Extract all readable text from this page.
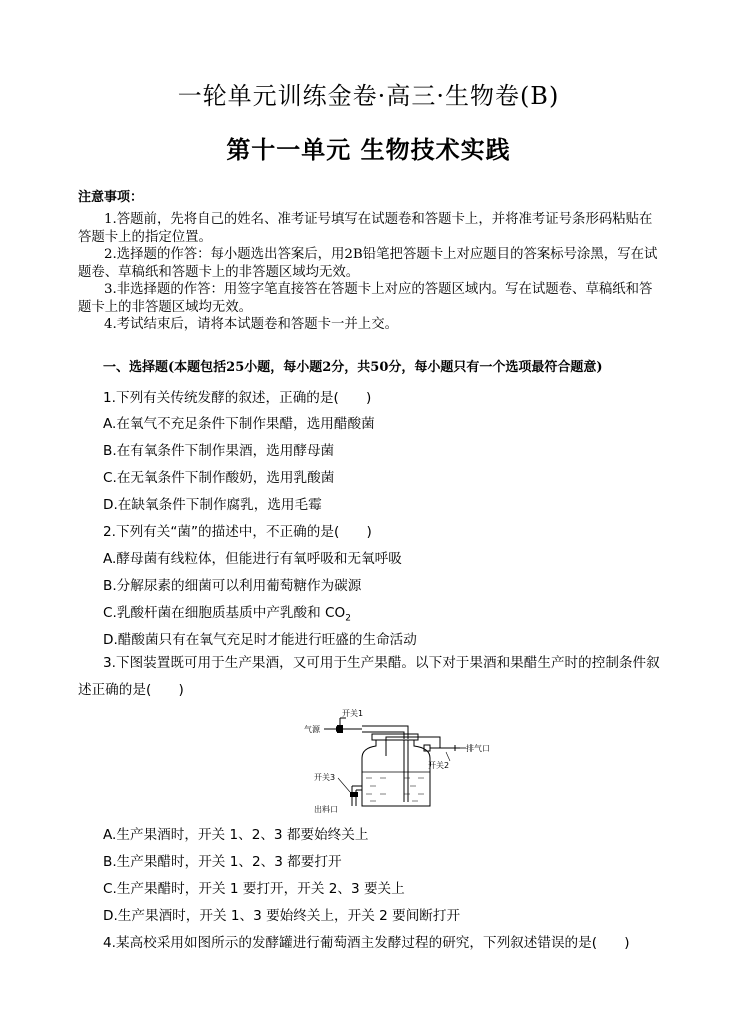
一轮单元训练金卷·高三·生物卷(B)
第十一单元 生物技术实践
注意事项：

1.答题前，先将自己的姓名、准考证号填写在试题卷和答题卡上，并将准考证号条形码粘贴在答题卡上的指定位置。

2.选择题的作答：每小题选出答案后，用2B铅笔把答题卡上对应题目的答案标号涂黑，写在试题卷、草稿纸和答题卡上的非答题区域均无效。

3.非选择题的作答：用签字笔直接答在答题卡上对应的答题区域内。写在试题卷、草稿纸和答题卡上的非答题区域均无效。

4.考试结束后，请将本试题卷和答题卡一并上交。

一、选择题(本题包括25小题，每小题2分，共50分，每小题只有一个选项最符合题意)
1.下列有关传统发酵的叙述，正确的是(　　)
A.在氧气不充足条件下制作果醋，选用醋酸菌
B.在有氧条件下制作果酒，选用酵母菌
C.在无氧条件下制作酸奶，选用乳酸菌
D.在缺氧条件下制作腐乳，选用毛霉
2.下列有关“菌”的描述中，不正确的是(　　)
A.酵母菌有线粒体，但能进行有氧呼吸和无氧呼吸
B.分解尿素的细菌可以利用葡萄糖作为碳源
C.乳酸杆菌在细胞质基质中产乳酸和 $CO_2$
D.醋酸菌只有在氧气充足时才能进行旺盛的生命活动
3.下图装置既可用于生产果酒，又可用于生产果醋。以下对于果酒和果醋生产时的控制条件叙述正确的是(　　)
开关1
气源
排气口
开关2
开关3
出料口
A.生产果酒时，开关 1、2、3 都要始终关上
B.生产果醋时，开关 1、2、3 都要打开
C.生产果醋时，开关 1 要打开，开关 2、3 要关上
D.生产果酒时，开关 1、3 要始终关上，开关 2 要间断打开
4.某高校采用如图所示的发酵罐进行葡萄酒主发酵过程的研究，下列叙述错误的是(　　)
